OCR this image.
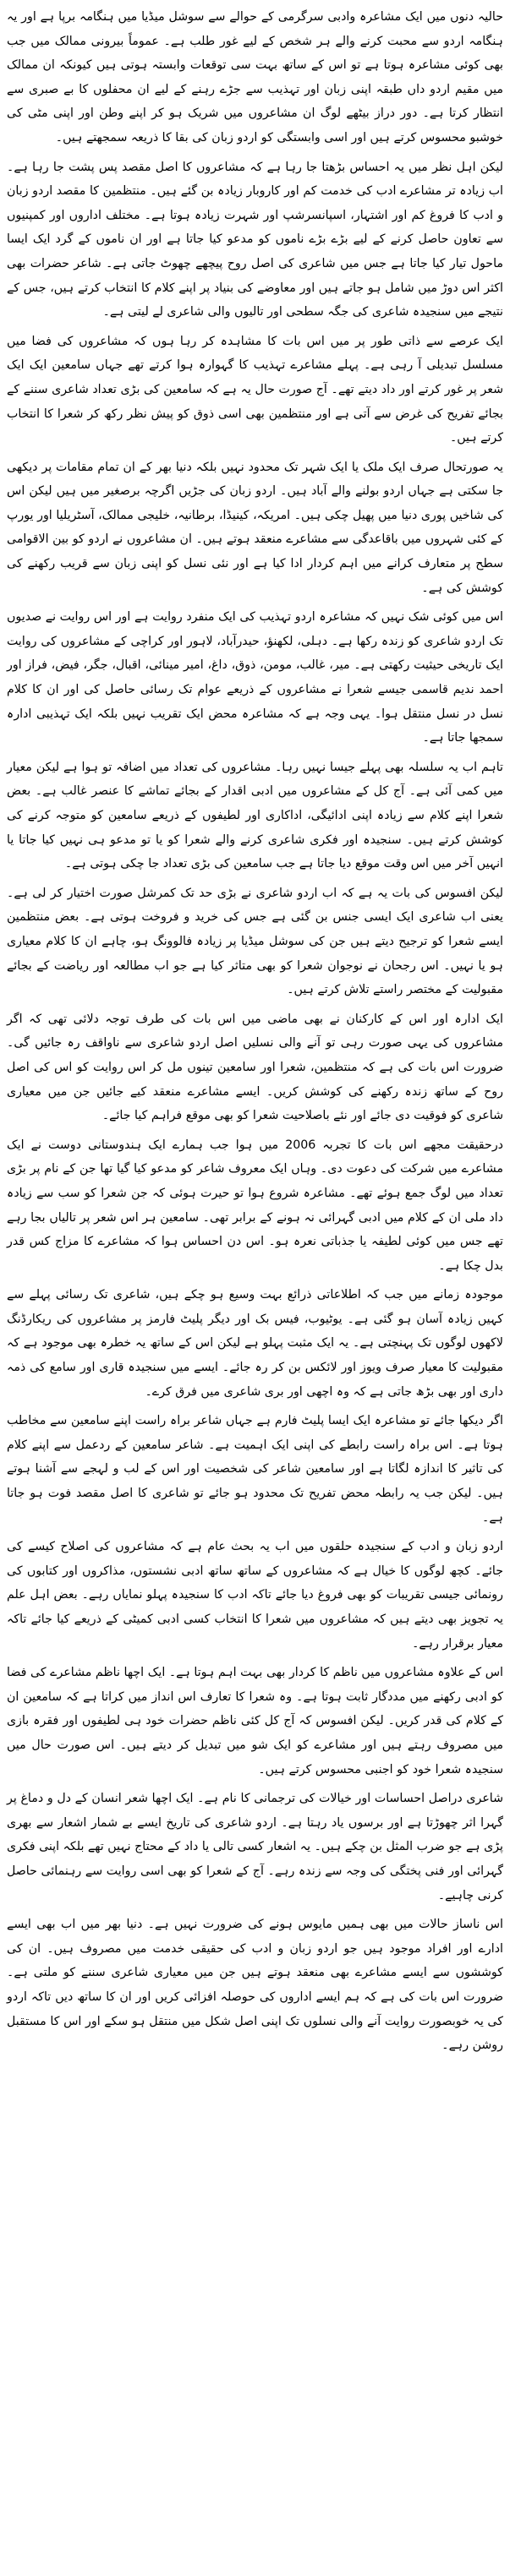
حالیہ دنوں میں ایک مشاعرہ وادبی سرگرمی کے حوالے سے سوشل میڈیا میں ہنگامہ برپا ہے اور یہ ہنگامہ اردو سے محبت کرنے والے ہر شخص کے لیے غور طلب ہے۔ عموماً بیرونی ممالک میں جب بھی کوئی مشاعرہ ہوتا ہے تو اس کے ساتھ بہت سی توقعات وابستہ ہوتی ہیں کیونکہ ان ممالک میں مقیم اردو داں طبقہ اپنی زبان اور تہذیب سے جڑے رہنے کے لیے ان محفلوں کا بے صبری سے انتظار کرتا ہے۔ دور دراز بیٹھے لوگ ان مشاعروں میں شریک ہو کر اپنے وطن اور اپنی مٹی کی خوشبو محسوس کرتے ہیں اور اسی وابستگی کو اردو زبان کی بقا کا ذریعہ سمجھتے ہیں۔

لیکن اہل نظر میں یہ احساس بڑھتا جا رہا ہے کہ مشاعروں کا اصل مقصد پس پشت جا رہا ہے۔ اب زیادہ تر مشاعرے ادب کی خدمت کم اور کاروبار زیادہ بن گئے ہیں۔ منتظمین کا مقصد اردو زبان و ادب کا فروغ کم اور اشتہار، اسپانسرشپ اور شہرت زیادہ ہوتا ہے۔ مختلف اداروں اور کمپنیوں سے تعاون حاصل کرنے کے لیے بڑے بڑے ناموں کو مدعو کیا جاتا ہے اور ان ناموں کے گرد ایک ایسا ماحول تیار کیا جاتا ہے جس میں شاعری کی اصل روح پیچھے چھوٹ جاتی ہے۔ شاعر حضرات بھی اکثر اس دوڑ میں شامل ہو جاتے ہیں اور معاوضے کی بنیاد پر اپنے کلام کا انتخاب کرتے ہیں، جس کے نتیجے میں سنجیدہ شاعری کی جگہ سطحی اور تالیوں والی شاعری لے لیتی ہے۔

ایک عرصے سے ذاتی طور پر میں اس بات کا مشاہدہ کر رہا ہوں کہ مشاعروں کی فضا میں مسلسل تبدیلی آ رہی ہے۔ پہلے مشاعرے تہذیب کا گہوارہ ہوا کرتے تھے جہاں سامعین ایک ایک شعر پر غور کرتے اور داد دیتے تھے۔ آج صورت حال یہ ہے کہ سامعین کی بڑی تعداد شاعری سننے کے بجائے تفریح کی غرض سے آتی ہے اور منتظمین بھی اسی ذوق کو پیش نظر رکھ کر شعرا کا انتخاب کرتے ہیں۔

یہ صورتحال صرف ایک ملک یا ایک شہر تک محدود نہیں بلکہ دنیا بھر کے ان تمام مقامات پر دیکھی جا سکتی ہے جہاں اردو بولنے والے آباد ہیں۔ اردو زبان کی جڑیں اگرچہ برصغیر میں ہیں لیکن اس کی شاخیں پوری دنیا میں پھیل چکی ہیں۔ امریکہ، کینیڈا، برطانیہ، خلیجی ممالک، آسٹریلیا اور یورپ کے کئی شہروں میں باقاعدگی سے مشاعرے منعقد ہوتے ہیں۔ ان مشاعروں نے اردو کو بین الاقوامی سطح پر متعارف کرانے میں اہم کردار ادا کیا ہے اور نئی نسل کو اپنی زبان سے قریب رکھنے کی کوشش کی ہے۔

اس میں کوئی شک نہیں کہ مشاعرہ اردو تہذیب کی ایک منفرد روایت ہے اور اس روایت نے صدیوں تک اردو شاعری کو زندہ رکھا ہے۔ دہلی، لکھنؤ، حیدرآباد، لاہور اور کراچی کے مشاعروں کی روایت ایک تاریخی حیثیت رکھتی ہے۔ میر، غالب، مومن، ذوق، داغ، امیر مینائی، اقبال، جگر، فیض، فراز اور احمد ندیم قاسمی جیسے شعرا نے مشاعروں کے ذریعے عوام تک رسائی حاصل کی اور ان کا کلام نسل در نسل منتقل ہوا۔ یہی وجہ ہے کہ مشاعرہ محض ایک تقریب نہیں بلکہ ایک تہذیبی ادارہ سمجھا جاتا ہے۔

تاہم اب یہ سلسلہ بھی پہلے جیسا نہیں رہا۔ مشاعروں کی تعداد میں اضافہ تو ہوا ہے لیکن معیار میں کمی آئی ہے۔ آج کل کے مشاعروں میں ادبی اقدار کے بجائے تماشے کا عنصر غالب ہے۔ بعض شعرا اپنے کلام سے زیادہ اپنی ادائیگی، اداکاری اور لطیفوں کے ذریعے سامعین کو متوجہ کرنے کی کوشش کرتے ہیں۔ سنجیدہ اور فکری شاعری کرنے والے شعرا کو یا تو مدعو ہی نہیں کیا جاتا یا انہیں آخر میں اس وقت موقع دیا جاتا ہے جب سامعین کی بڑی تعداد جا چکی ہوتی ہے۔

لیکن افسوس کی بات یہ ہے کہ اب اردو شاعری نے بڑی حد تک کمرشل صورت اختیار کر لی ہے۔ یعنی اب شاعری ایک ایسی جنس بن گئی ہے جس کی خرید و فروخت ہوتی ہے۔ بعض منتظمین ایسے شعرا کو ترجیح دیتے ہیں جن کی سوشل میڈیا پر زیادہ فالوونگ ہو، چاہے ان کا کلام معیاری ہو یا نہیں۔ اس رجحان نے نوجوان شعرا کو بھی متاثر کیا ہے جو اب مطالعہ اور ریاضت کے بجائے مقبولیت کے مختصر راستے تلاش کرتے ہیں۔

ایک ادارہ اور اس کے کارکنان نے بھی ماضی میں اس بات کی طرف توجہ دلائی تھی کہ اگر مشاعروں کی یہی صورت رہی تو آنے والی نسلیں اصل اردو شاعری سے ناواقف رہ جائیں گی۔ ضرورت اس بات کی ہے کہ منتظمین، شعرا اور سامعین تینوں مل کر اس روایت کو اس کی اصل روح کے ساتھ زندہ رکھنے کی کوشش کریں۔ ایسے مشاعرے منعقد کیے جائیں جن میں معیاری شاعری کو فوقیت دی جائے اور نئے باصلاحیت شعرا کو بھی موقع فراہم کیا جائے۔

درحقیقت مجھے اس بات کا تجربہ 2006 میں ہوا جب ہمارے ایک ہندوستانی دوست نے ایک مشاعرے میں شرکت کی دعوت دی۔ وہاں ایک معروف شاعر کو مدعو کیا گیا تھا جن کے نام پر بڑی تعداد میں لوگ جمع ہوئے تھے۔ مشاعرہ شروع ہوا تو حیرت ہوئی کہ جن شعرا کو سب سے زیادہ داد ملی ان کے کلام میں ادبی گہرائی نہ ہونے کے برابر تھی۔ سامعین ہر اس شعر پر تالیاں بجا رہے تھے جس میں کوئی لطیفہ یا جذباتی نعرہ ہو۔ اس دن احساس ہوا کہ مشاعرے کا مزاج کس قدر بدل چکا ہے۔

موجودہ زمانے میں جب کہ اطلاعاتی ذرائع بہت وسیع ہو چکے ہیں، شاعری تک رسائی پہلے سے کہیں زیادہ آسان ہو گئی ہے۔ یوٹیوب، فیس بک اور دیگر پلیٹ فارمز پر مشاعروں کی ریکارڈنگ لاکھوں لوگوں تک پہنچتی ہے۔ یہ ایک مثبت پہلو ہے لیکن اس کے ساتھ یہ خطرہ بھی موجود ہے کہ مقبولیت کا معیار صرف ویوز اور لائکس بن کر رہ جائے۔ ایسے میں سنجیدہ قاری اور سامع کی ذمہ داری اور بھی بڑھ جاتی ہے کہ وہ اچھی اور بری شاعری میں فرق کرے۔

اگر دیکھا جائے تو مشاعرہ ایک ایسا پلیٹ فارم ہے جہاں شاعر براہ راست اپنے سامعین سے مخاطب ہوتا ہے۔ اس براہ راست رابطے کی اپنی ایک اہمیت ہے۔ شاعر سامعین کے ردعمل سے اپنے کلام کی تاثیر کا اندازہ لگاتا ہے اور سامعین شاعر کی شخصیت اور اس کے لب و لہجے سے آشنا ہوتے ہیں۔ لیکن جب یہ رابطہ محض تفریح تک محدود ہو جائے تو شاعری کا اصل مقصد فوت ہو جاتا ہے۔

اردو زبان و ادب کے سنجیدہ حلقوں میں اب یہ بحث عام ہے کہ مشاعروں کی اصلاح کیسے کی جائے۔ کچھ لوگوں کا خیال ہے کہ مشاعروں کے ساتھ ساتھ ادبی نشستوں، مذاکروں اور کتابوں کی رونمائی جیسی تقریبات کو بھی فروغ دیا جائے تاکہ ادب کا سنجیدہ پہلو نمایاں رہے۔ بعض اہل علم یہ تجویز بھی دیتے ہیں کہ مشاعروں میں شعرا کا انتخاب کسی ادبی کمیٹی کے ذریعے کیا جائے تاکہ معیار برقرار رہے۔

اس کے علاوہ مشاعروں میں ناظم کا کردار بھی بہت اہم ہوتا ہے۔ ایک اچھا ناظم مشاعرے کی فضا کو ادبی رکھنے میں مددگار ثابت ہوتا ہے۔ وہ شعرا کا تعارف اس انداز میں کراتا ہے کہ سامعین ان کے کلام کی قدر کریں۔ لیکن افسوس کہ آج کل کئی ناظم حضرات خود ہی لطیفوں اور فقرہ بازی میں مصروف رہتے ہیں اور مشاعرے کو ایک شو میں تبدیل کر دیتے ہیں۔ اس صورت حال میں سنجیدہ شعرا خود کو اجنبی محسوس کرتے ہیں۔

شاعری دراصل احساسات اور خیالات کی ترجمانی کا نام ہے۔ ایک اچھا شعر انسان کے دل و دماغ پر گہرا اثر چھوڑتا ہے اور برسوں یاد رہتا ہے۔ اردو شاعری کی تاریخ ایسے بے شمار اشعار سے بھری پڑی ہے جو ضرب المثل بن چکے ہیں۔ یہ اشعار کسی تالی یا داد کے محتاج نہیں تھے بلکہ اپنی فکری گہرائی اور فنی پختگی کی وجہ سے زندہ رہے۔ آج کے شعرا کو بھی اسی روایت سے رہنمائی حاصل کرنی چاہیے۔

اس ناساز حالات میں بھی ہمیں مایوس ہونے کی ضرورت نہیں ہے۔ دنیا بھر میں اب بھی ایسے ادارے اور افراد موجود ہیں جو اردو زبان و ادب کی حقیقی خدمت میں مصروف ہیں۔ ان کی کوششوں سے ایسے مشاعرے بھی منعقد ہوتے ہیں جن میں معیاری شاعری سننے کو ملتی ہے۔ ضرورت اس بات کی ہے کہ ہم ایسے اداروں کی حوصلہ افزائی کریں اور ان کا ساتھ دیں تاکہ اردو کی یہ خوبصورت روایت آنے والی نسلوں تک اپنی اصل شکل میں منتقل ہو سکے اور اس کا مستقبل روشن رہے۔
